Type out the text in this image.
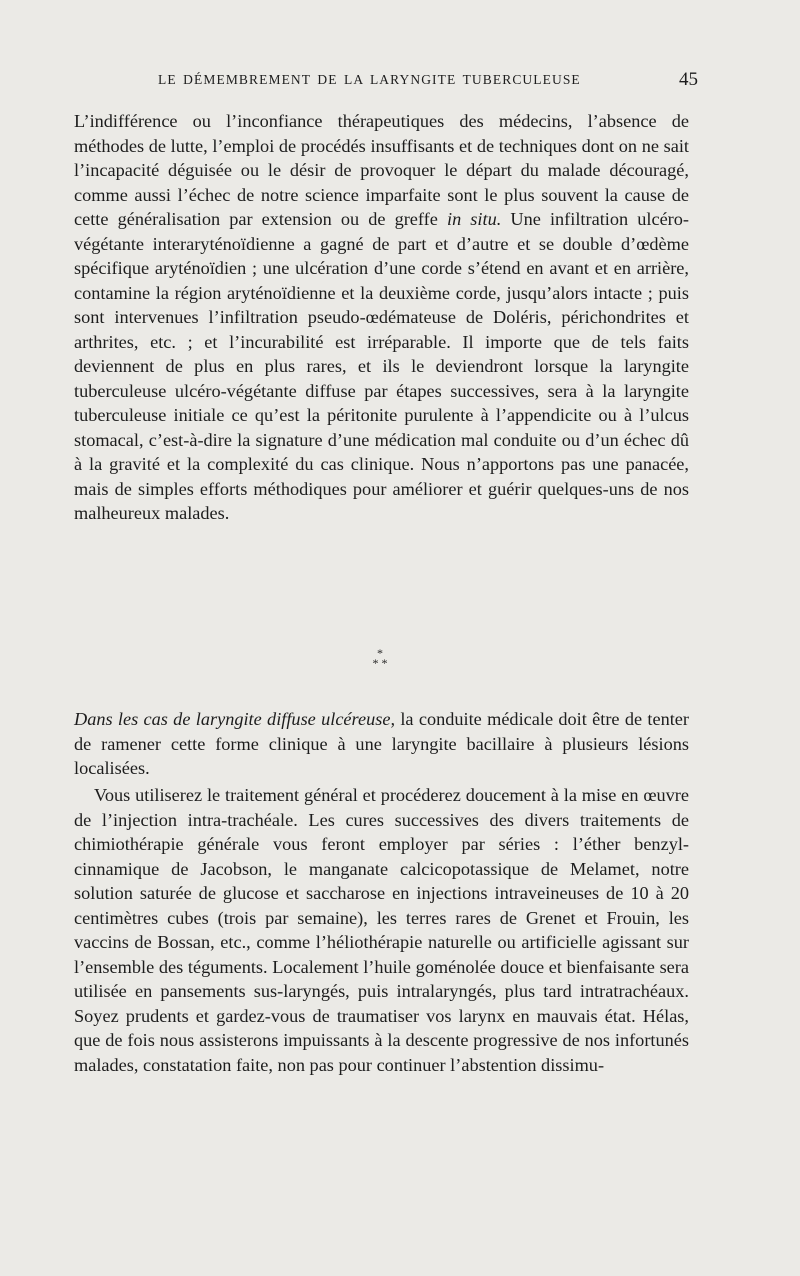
LE DÉMEMBREMENT DE LA LARYNGITE TUBERCULEUSE	45

L’indifférence ou l’inconfiance thérapeutiques des médecins, l’absence de méthodes de lutte, l’emploi de procédés insuffisants et de techniques dont on ne sait l’incapacité déguisée ou le désir de provoquer le départ du malade découragé, comme aussi l’échec de notre science imparfaite sont le plus souvent la cause de cette généralisation par extension ou de greffe in situ. Une infiltration ulcéro-végétante interaryténoïdienne a gagné de part et d’autre et se double d’œdème spécifique aryténoïdien ; une ulcération d’une corde s’étend en avant et en arrière, contamine la région aryténoïdienne et la deuxième corde, jusqu’alors intacte ; puis sont intervenues l’infiltration pseudo-œdémateuse de Doléris, périchondrites et arthrites, etc. ; et l’incurabilité est irréparable. Il importe que de tels faits deviennent de plus en plus rares, et ils le deviendront lorsque la laryngite tuberculeuse ulcéro-végétante diffuse par étapes successives, sera à la laryngite tuberculeuse initiale ce qu’est la péritonite purulente à l’appendicite ou à l’ulcus stomacal, c’est-à-dire la signature d’une médication mal conduite ou d’un échec dû à la gravité et la complexité du cas clinique. Nous n’apportons pas une panacée, mais de simples efforts méthodiques pour améliorer et guérir quelques-uns de nos malheureux malades.

*
* *

Dans les cas de laryngite diffuse ulcéreuse, la conduite médicale doit être de tenter de ramener cette forme clinique à une laryngite bacillaire à plusieurs lésions localisées.

Vous utiliserez le traitement général et procéderez doucement à la mise en œuvre de l’injection intra-trachéale. Les cures successives des divers traitements de chimiothérapie générale vous feront employer par séries : l’éther benzyl-cinnamique de Jacobson, le manganate calcicopotassique de Melamet, notre solution saturée de glucose et saccharose en injections intraveineuses de 10 à 20 centimètres cubes (trois par semaine), les terres rares de Grenet et Frouin, les vaccins de Bossan, etc., comme l’héliothérapie naturelle ou artificielle agissant sur l’ensemble des téguments. Localement l’huile goménolée douce et bienfaisante sera utilisée en pansements sus-laryngés, puis intralaryngés, plus tard intratrachéaux. Soyez prudents et gardez-vous de traumatiser vos larynx en mauvais état. Hélas, que de fois nous assisterons impuissants à la descente progressive de nos infortunés malades, constatation faite, non pas pour continuer l’abstention dissimu-
